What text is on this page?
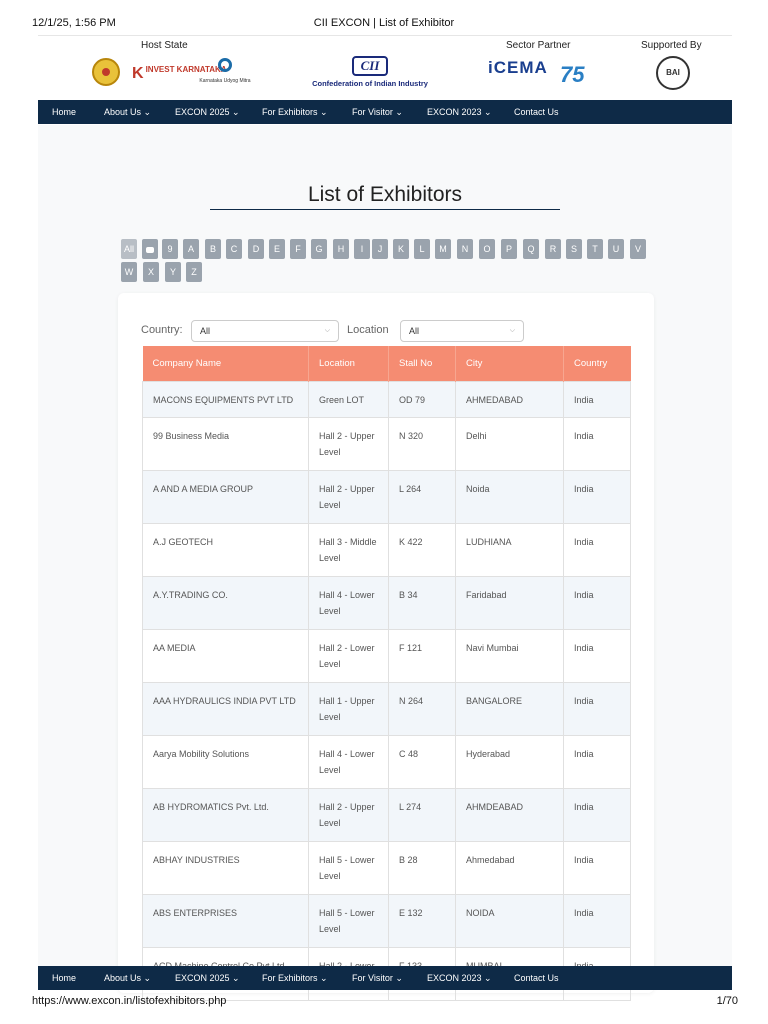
12/1/25, 1:56 PM	CII EXCON | List of Exhibitor
Host State	Sector Partner	Supported By
KINVEST KARNATAKA
Karnataka Udyog Mitra
CII
Confederation of Indian Industry
iCEMA 75	BAI
Home	About Us ⌄	EXCON 2025 ⌄ For Exhibitors ⌄	For Visitor ⌄	EXCON 2023 ⌄ Contact Us
List of Exhibitors
All	9	A	B	C	D	E	F	G	H	I	J	K	L	M	N	O	P	Q	R	S	T	U	V
W	X	Y	Z
Country:	All	⌵ Location	All	⌵
Company Name	Location	Stall No	City	Country
MACONS EQUIPMENTS PVT LTD	Green LOT	OD 79	AHMEDABAD	India
99 Business Media	Hall 2 - Upper Level	N 320	Delhi	India
A AND A MEDIA GROUP	Hall 2 - Upper Level	L 264	Noida	India
A.J GEOTECH	Hall 3 - Middle Level	K 422	LUDHIANA	India
A.Y.TRADING CO.	Hall 4 - Lower Level	B 34	Faridabad	India
AA MEDIA	Hall 2 - Lower Level	F 121	Navi Mumbai	India
AAA HYDRAULICS INDIA PVT LTD	Hall 1 - Upper Level	N 264	BANGALORE	India
Aarya Mobility Solutions	Hall 4 - Lower Level	C 48	Hyderabad	India
AB HYDROMATICS Pvt. Ltd.	Hall 2 - Upper Level	L 274	AHMDEABAD	India
ABHAY INDUSTRIES	Hall 5 - Lower Level	B 28	Ahmedabad	India
ABS ENTERPRISES	Hall 5 - Lower Level	E 132	NOIDA	India

Home	About Us ⌄	EXCON 2025 ⌄ For Exhibitors ⌄	For Visitor ⌄	EXCON 2023 ⌄ Contact Us
https://www.excon.in/listofexhibitors.php	1/70
